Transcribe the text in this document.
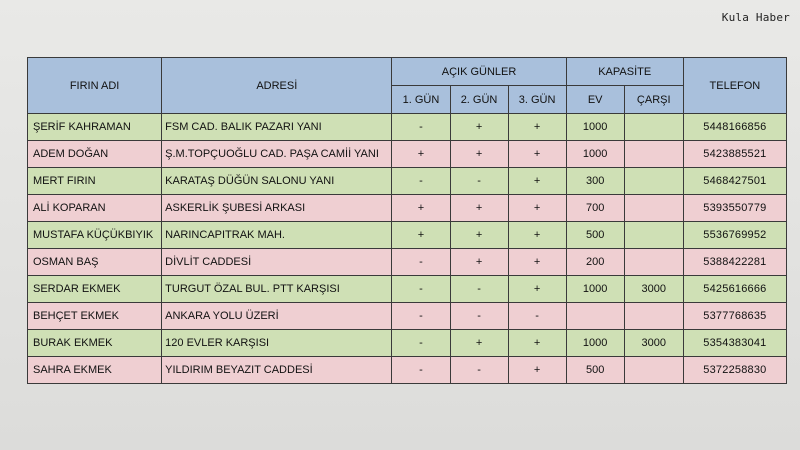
Kula Haber
FIRIN ADI	ADRESİ	AÇIK GÜNLER			KAPASİTE		TELEFON
		1. GÜN	2. GÜN	3. GÜN	EV	ÇARŞI	
ŞERİF KAHRAMAN	FSM CAD. BALIK PAZARI YANI	-	+	+	1000		5448166856
ADEM DOĞAN	Ş.M.TOPÇUOĞLU CAD. PAŞA CAMİİ YANI	+	+	+	1000		5423885521
MERT FIRIN	KARATAŞ DÜĞÜN SALONU YANI	-	-	+	300		5468427501
ALİ KOPARAN	ASKERLİK ŞUBESİ ARKASI	+	+	+	700		5393550779
MUSTAFA KÜÇÜKBIYIK	NARINCAPITRAK MAH.	+	+	+	500		5536769952
OSMAN BAŞ	DİVLİT CADDESİ	-	+	+	200		5388422281
SERDAR EKMEK	TURGUT ÖZAL BUL. PTT KARŞISI	-	-	+	1000	3000	5425616666
BEHÇET EKMEK	ANKARA YOLU ÜZERİ	-	-	-			5377768635
BURAK EKMEK	120 EVLER KARŞISI	-	+	+	1000	3000	5354383041
SAHRA EKMEK	YILDIRIM BEYAZIT CADDESİ	-	-	+	500		5372258830
